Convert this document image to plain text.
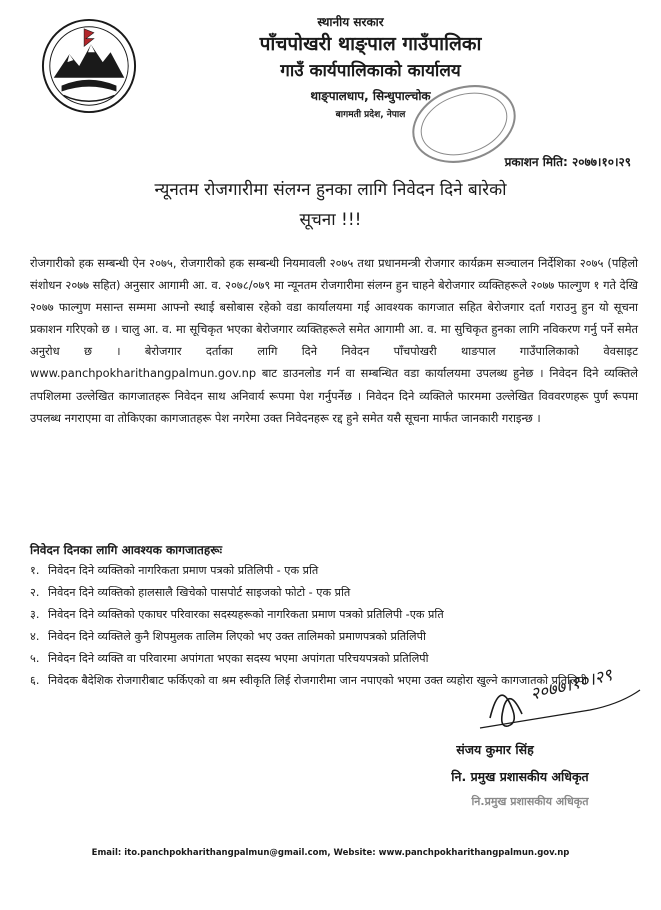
स्थानीय सरकार
पाँचपोखरी थाङ्पाल गाउँपालिका
गाउँ कार्यपालिकाको कार्यालय
थाङ्पालधाप, सिन्धुपाल्चोक
बागमती प्रदेश, नेपाल
प्रकाशन मिति: २०७७।१०।२९
न्यूनतम रोजगारीमा संलग्न हुनका लागि निवेदन दिने बारेको
सूचना !!!
रोजगारीको हक सम्बन्धी ऐन २०७५, रोजगारीको हक सम्बन्धी नियमावली २०७५ तथा प्रधानमन्त्री रोजगार कार्यक्रम सञ्चालन निर्देशिका २०७५ (पहिलो संशोधन २०७७ सहित) अनुसार आगामी आ. व. २०७८/०७९ मा न्यूनतम रोजगारीमा संलग्न हुन चाहने बेरोजगार व्यक्तिहरूले २०७७ फाल्गुण १ गते देखि २०७७ फाल्गुण मसान्त सम्ममा आफ्नो स्थाई बसोबास रहेको वडा कार्यालयमा गई आवश्यक कागजात सहित बेरोजगार दर्ता गराउनु हुन यो सूचना प्रकाशन गरिएको छ । चालु आ. व. मा सूचिकृत भएका बेरोजगार व्यक्तिहरूले समेत आगामी आ. व. मा सुचिकृत हुनका लागि नविकरण गर्नु पर्ने समेत अनुरोध छ । बेरोजगार दर्ताका लागि दिने निवेदन पाँचपोखरी थाङपाल गाउँपालिकाको वेवसाइट www.panchpokharithangpalmun.gov.np बाट डाउनलोड गर्न वा सम्बन्धित वडा कार्यालयमा उपलब्ध हुनेछ । निवेदन दिने व्यक्तिले तपशिलमा उल्लेखित कागजातहरू निवेदन साथ अनिवार्य रूपमा पेश गर्नुपर्नेछ । निवेदन दिने व्यक्तिले फारममा उल्लेखित विववरणहरू पुर्ण रूपमा उपलब्ध नगराएमा वा तोकिएका कागजातहरू पेश नगरेमा उक्त निवेदनहरू रद्द हुने समेत यसै सूचना मार्फत जानकारी गराइन्छ ।
निवेदन दिनका लागि आवश्यक कागजातहरूः
१. निवेदन दिने व्यक्तिको नागरिकता प्रमाण पत्रको प्रतिलिपी - एक प्रति
२. निवेदन दिने व्यक्तिको हालसालै खिचेको पासपोर्ट साइजको फोटो - एक प्रति
३. निवेदन दिने व्यक्तिको एकाघर परिवारका सदस्यहरूको नागरिकता प्रमाण पत्रको प्रतिलिपी -एक प्रति
४. निवेदन दिने व्यक्तिले कुनै शिपमुलक तालिम लिएको भए उक्त तालिमको प्रमाणपत्रको प्रतिलिपी
५. निवेदन दिने व्यक्ति वा परिवारमा अपांगता भएका सदस्य भएमा अपांगता परिचयपत्रको प्रतिलिपी
६. निवेदक बैदेशिक रोजगारीबाट फर्किएको वा श्रम स्वीकृति लिई रोजगारीमा जान नपाएको भएमा उक्त व्यहोरा खुल्ने कागजातको प्रतिलिपी
२०७७।१०।२९
संजय कुमार सिंह
नि. प्रमुख प्रशासकीय अधिकृत
नि.प्रमुख प्रशासकीय अधिकृत
Email: ito.panchpokharithangpalmun@gmail.com, Website: www.panchpokharithangpalmun.gov.np
